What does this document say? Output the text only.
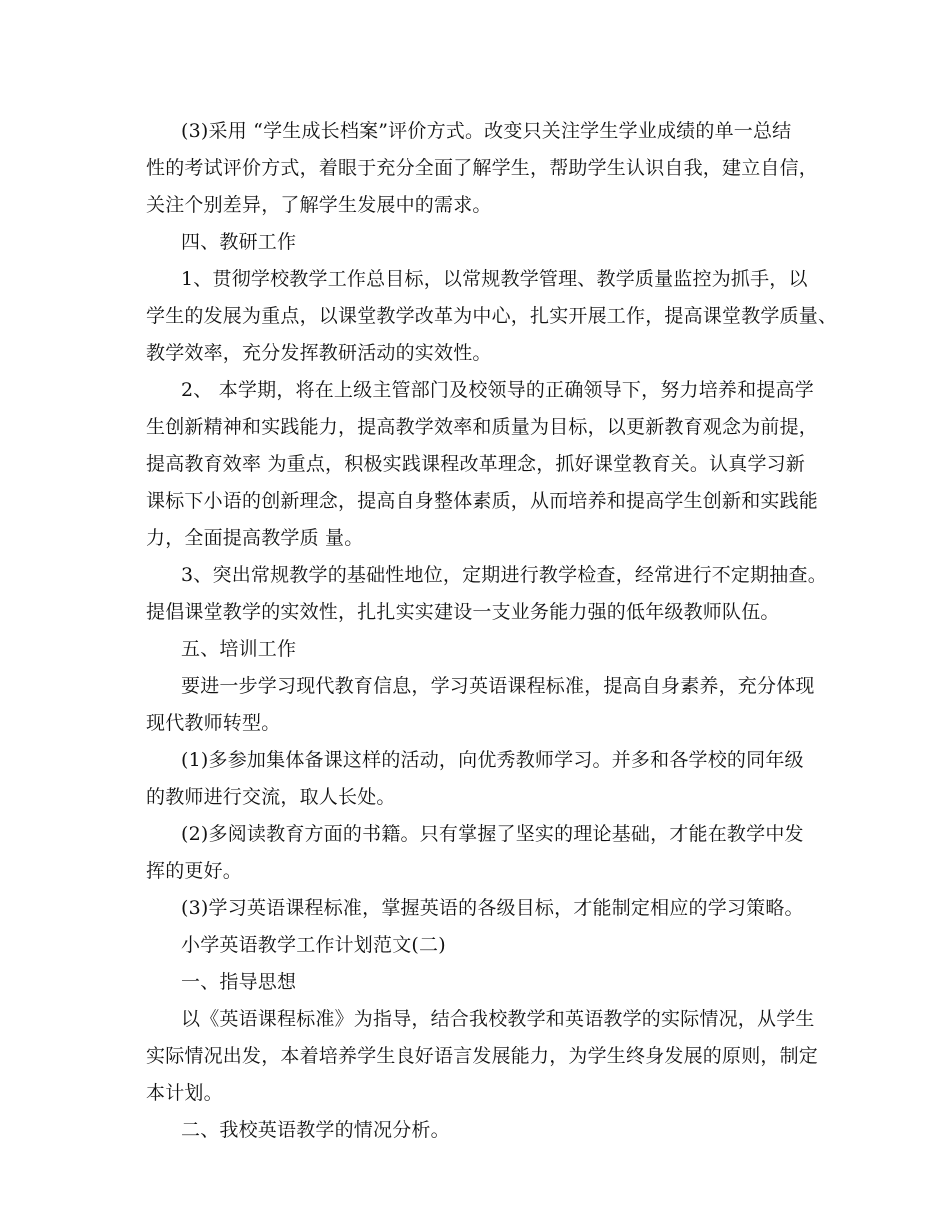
(3)采用 “学生成长档案”评价方式。改变只关注学生学业成绩的单一总结
性的考试评价方式，着眼于充分全面了解学生，帮助学生认识自我，建立自信，
关注个别差异，了解学生发展中的需求。
四、教研工作
1、贯彻学校教学工作总目标，以常规教学管理、教学质量监控为抓手，以
学生的发展为重点，以课堂教学改革为中心，扎实开展工作，提高课堂教学质量、
教学效率，充分发挥教研活动的实效性。
2、 本学期，将在上级主管部门及校领导的正确领导下，努力培养和提高学
生创新精神和实践能力，提高教学效率和质量为目标，以更新教育观念为前提，
提高教育效率 为重点，积极实践课程改革理念，抓好课堂教育关。认真学习新
课标下小语的创新理念，提高自身整体素质，从而培养和提高学生创新和实践能
力，全面提高教学质 量。
3、突出常规教学的基础性地位，定期进行教学检查，经常进行不定期抽查。
提倡课堂教学的实效性，扎扎实实建设一支业务能力强的低年级教师队伍。
五、培训工作
要进一步学习现代教育信息，学习英语课程标准，提高自身素养，充分体现
现代教师转型。
(1)多参加集体备课这样的活动，向优秀教师学习。并多和各学校的同年级
的教师进行交流，取人长处。
(2)多阅读教育方面的书籍。只有掌握了坚实的理论基础，才能在教学中发
挥的更好。
(3)学习英语课程标准，掌握英语的各级目标，才能制定相应的学习策略。
小学英语教学工作计划范文(二)
一、指导思想
以《英语课程标准》为指导，结合我校教学和英语教学的实际情况，从学生
实际情况出发，本着培养学生良好语言发展能力，为学生终身发展的原则，制定
本计划。
二、我校英语教学的情况分析。
